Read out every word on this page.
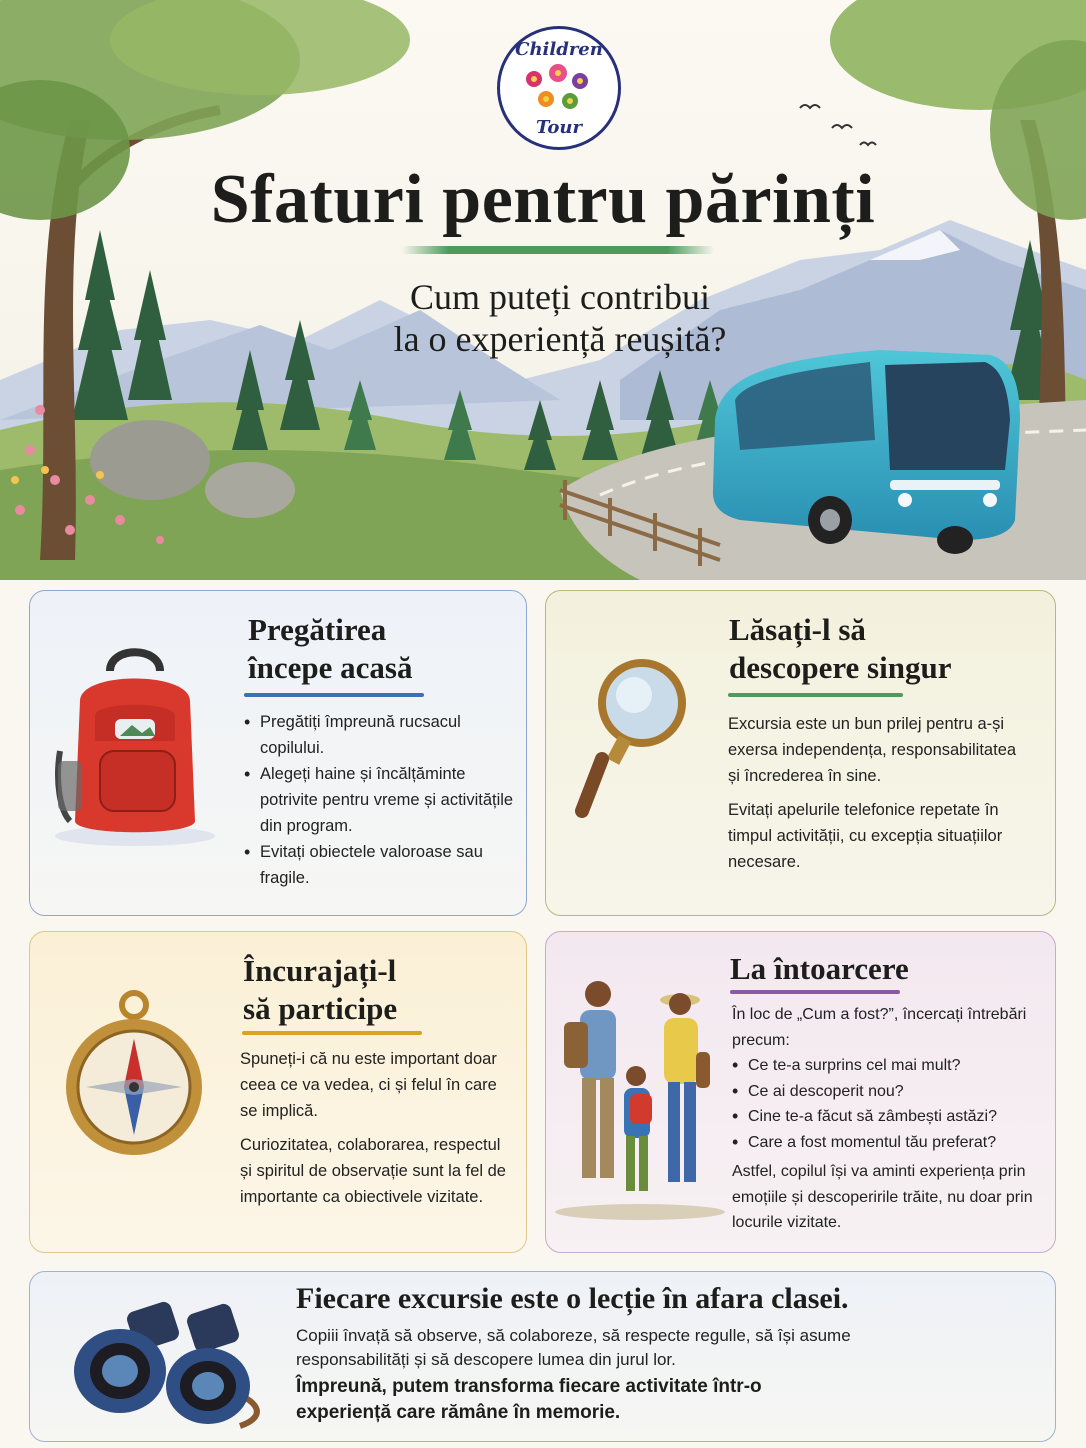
Children
Tour
Sfaturi pentru părinți
Cum puteți contribui
la o experiență reușită?
Pregătirea
începe acasă
• Pregătiți împreună rucsacul copilului.
• Alegeți haine și încălțăminte potrivite pentru vreme și activitățile din program.
• Evitați obiectele valoroase sau fragile.
Lăsați-l să
descopere singur

Excursia este un bun prilej pentru a-și exersa independența, responsabilitatea și încrederea în sine.

Evitați apelurile telefonice repetate în timpul activității, cu excepția situațiilor necesare.

Încurajați-l
să participe

Spuneți-i că nu este important doar ceea ce va vedea, ci și felul în care se implică.

Curiozitatea, colaborarea, respectul și spiritul de observație sunt la fel de importante ca obiectivele vizitate.

La întoarcere

În loc de „Cum a fost?”, încercați întrebări precum:

• Ce te-a surprins cel mai mult?
• Ce ai descoperit nou?
• Cine te-a făcut să zâmbești astăzi?
• Care a fost momentul tău preferat?

Astfel, copilul își va aminti experiența prin emoțiile și descoperirile trăite, nu doar prin locurile vizitate.

Fiecare excursie este o lecție în afara clasei.
Copiii învață să observe, să colaboreze, să respecte regulle, să își asume responsabilități și să descopere lumea din jurul lor.
Împreună, putem transforma fiecare activitate într-o experiență care rămâne în memorie.
